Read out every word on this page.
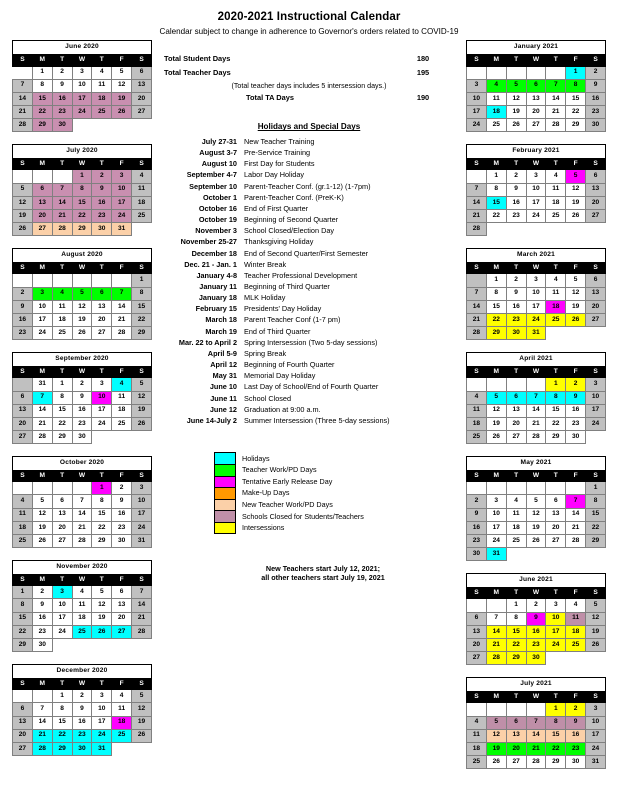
2020-2021 Instructional Calendar
Calendar subject to change in adherence to Governor's orders related to COVID-19
June 2020						
S	M	T	W	T	F	S
	1	2	3	4	5	6
7	8	9	10	11	12	13
14	15	16	17	18	19	20
21	22	23	24	25	26	27
28	29	30				
July 2020						
S	M	T	W	T	F	S
			1	2	3	4
5	6	7	8	9	10	11
12	13	14	15	16	17	18
19	20	21	22	23	24	25
26	27	28	29	30	31	
August 2020						
S	M	T	W	T	F	S
						1
2	3	4	5	6	7	8
9	10	11	12	13	14	15
16	17	18	19	20	21	22
23	24	25	26	27	28	29
September 2020						
S	M	T	W	T	F	S
	31	1	2	3	4	5
6	7	8	9	10	11	12
13	14	15	16	17	18	19
20	21	22	23	24	25	26
27	28	29	30			
October 2020						
S	M	T	W	T	F	S
				1	2	3
4	5	6	7	8	9	10
11	12	13	14	15	16	17
18	19	20	21	22	23	24
25	26	27	28	29	30	31
November 2020						
S	M	T	W	T	F	S
1	2	3	4	5	6	7
8	9	10	11	12	13	14
15	16	17	18	19	20	21
22	23	24	25	26	27	28
29	30					
December 2020						
S	M	T	W	T	F	S
		1	2	3	4	5
6	7	8	9	10	11	12
13	14	15	16	17	18	19
20	21	22	23	24	25	26
27	28	29	30	31		
Total Student Days	180
Total Teacher Days	195
(Total teacher days includes 5 intersession days.)	
Total TA Days	190
Holidays and Special Days
July 27-31	New Teacher Training
August 3-7	Pre-Service Training
August 10	First Day for Students
September 4-7	Labor Day Holiday
September 10	Parent-Teacher Conf. (gr.1-12) (1-7pm)
October 1	Parent-Teacher Conf. (PreK-K)
October 16	End of First Quarter
October 19	Beginning of Second Quarter
November 3	School Closed/Election Day
November 25-27	Thanksgiving Holiday
December 18	End of Second Quarter/First Semester
Dec. 21 - Jan. 1	Winter Break
January 4-8	Teacher Professional Development
January 11	Beginning of Third Quarter
January 18	MLK Holiday
February 15	Presidents' Day Holiday
March 18	Parent Teacher Conf (1-7 pm)
March 19	End of Third Quarter
Mar. 22 to April 2	Spring Intersession (Two 5-day sessions)
April 5-9	Spring Break
April 12	Beginning of Fourth Quarter
May 31	Memorial Day Holiday
June 10	Last Day of School/End of Fourth Quarter
June 11	School Closed
June 12	Graduation at 9:00 a.m.
June 14-July 2	Summer Intersession (Three 5-day sessions)
Holidays
Teacher Work/PD Days
Tentative Early Release Day
Make-Up Days
New Teacher Work/PD Days
Schools Closed for Students/Teachers
Intersessions
New Teachers start July 12, 2021;
all other teachers start July 19, 2021
January 2021						
S	M	T	W	T	F	S
					1	2
3	4	5	6	7	8	9
10	11	12	13	14	15	16
17	18	19	20	21	22	23
24	25	26	27	28	29	30
February 2021						
S	M	T	W	T	F	S
	1	2	3	4	5	6
7	8	9	10	11	12	13
14	15	16	17	18	19	20
21	22	23	24	25	26	27
28						
March 2021						
S	M	T	W	T	F	S
	1	2	3	4	5	6
7	8	9	10	11	12	13
14	15	16	17	18	19	20
21	22	23	24	25	26	27
28	29	30	31			
April 2021						
S	M	T	W	T	F	S
				1	2	3
4	5	6	7	8	9	10
11	12	13	14	15	16	17
18	19	20	21	22	23	24
25	26	27	28	29	30	
May 2021						
S	M	T	W	T	F	S
						1
2	3	4	5	6	7	8
9	10	11	12	13	14	15
16	17	18	19	20	21	22
23	24	25	26	27	28	29
30	31					
June 2021						
S	M	T	W	T	F	S
		1	2	3	4	5
6	7	8	9	10	11	12
13	14	15	16	17	18	19
20	21	22	23	24	25	26
27	28	29	30			
July 2021						
S	M	T	W	T	F	S
				1	2	3
4	5	6	7	8	9	10
11	12	13	14	15	16	17
18	19	20	21	22	23	24
25	26	27	28	29	30	31
